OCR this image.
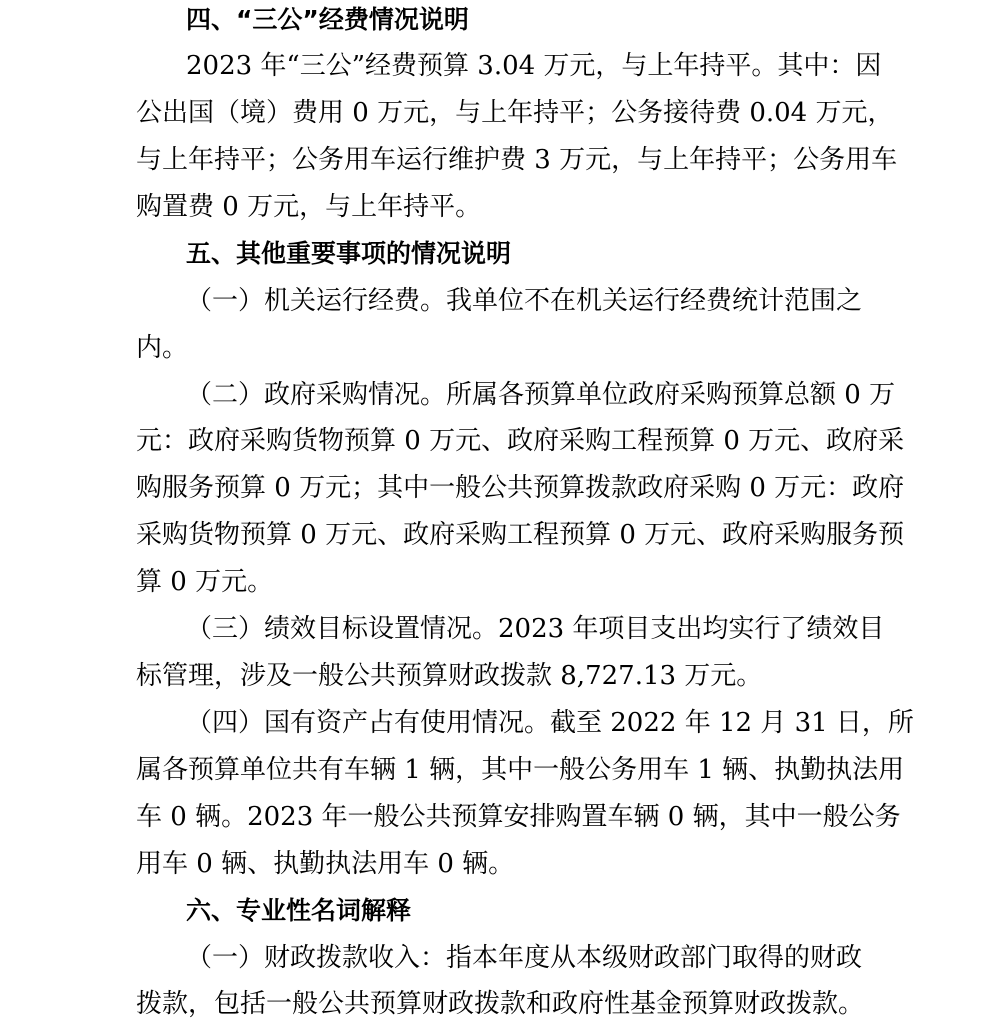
四、“三公”经费情况说明
2023 年“三公”经费预算 3.04 万元，与上年持平。其中：因
公出国（境）费用 0 万元，与上年持平；公务接待费 0.04 万元，
与上年持平；公务用车运行维护费 3 万元，与上年持平；公务用车
购置费 0 万元，与上年持平。
五、其他重要事项的情况说明
（一）机关运行经费。我单位不在机关运行经费统计范围之
内。
（二）政府采购情况。所属各预算单位政府采购预算总额 0 万
元：政府采购货物预算 0 万元、政府采购工程预算 0 万元、政府采
购服务预算 0 万元；其中一般公共预算拨款政府采购 0 万元：政府
采购货物预算 0 万元、政府采购工程预算 0 万元、政府采购服务预
算 0 万元。
（三）绩效目标设置情况。2023 年项目支出均实行了绩效目
标管理，涉及一般公共预算财政拨款 8,727.13 万元。
（四）国有资产占有使用情况。截至 2022 年 12 月 31 日，所
属各预算单位共有车辆 1 辆，其中一般公务用车 1 辆、执勤执法用
车 0 辆。2023 年一般公共预算安排购置车辆 0 辆，其中一般公务
用车 0 辆、执勤执法用车 0 辆。
六、专业性名词解释
（一）财政拨款收入：指本年度从本级财政部门取得的财政
拨款，包括一般公共预算财政拨款和政府性基金预算财政拨款。
